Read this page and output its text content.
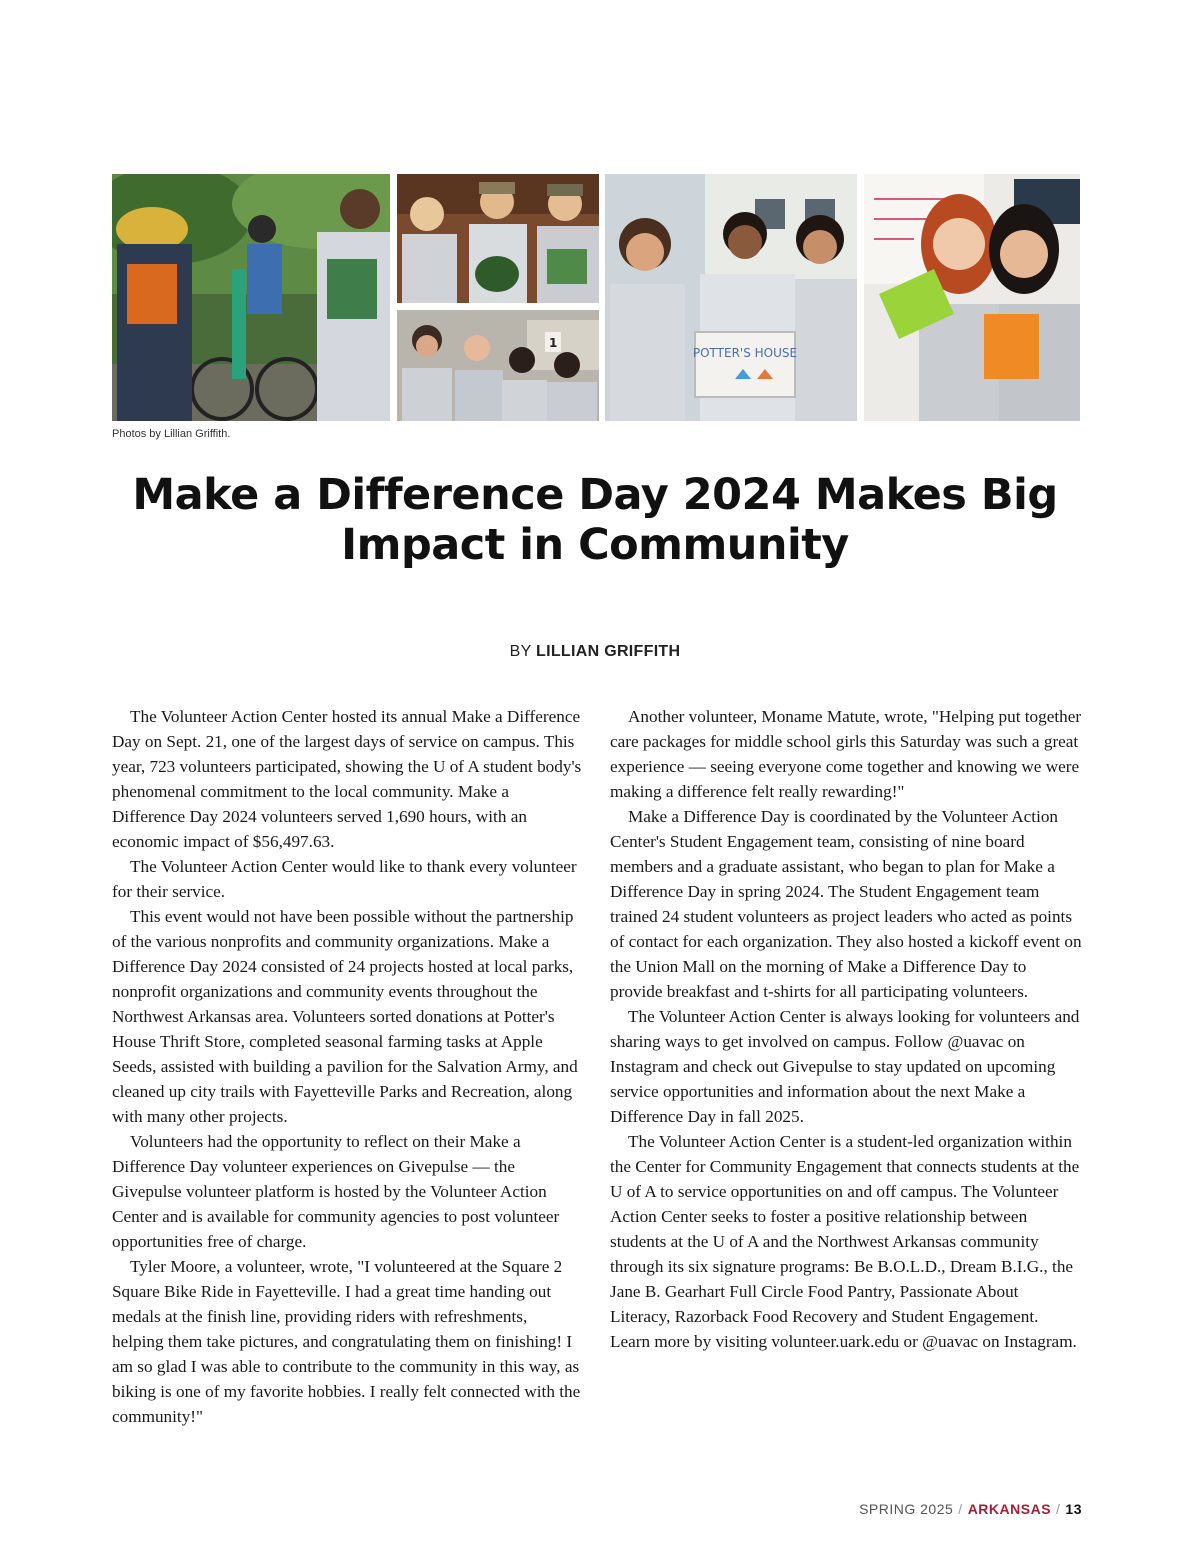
1
POTTER'S HOUSE
Photos by Lillian Griffith.
Make a Difference Day 2024 Makes Big Impact in Community
BY LILLIAN GRIFFITH

The Volunteer Action Center hosted its annual Make a Difference Day on Sept. 21, one of the largest days of service on campus. This year, 723 volunteers participated, showing the U of A student body's phenomenal commitment to the local community. Make a Difference Day 2024 volunteers served 1,690 hours, with an economic impact of $56,497.63.

The Volunteer Action Center would like to thank every volunteer for their service.

This event would not have been possible without the partnership of the various nonprofits and community organizations. Make a Difference Day 2024 consisted of 24 projects hosted at local parks, nonprofit organizations and community events throughout the Northwest Arkansas area. Volunteers sorted donations at Potter's House Thrift Store, completed seasonal farming tasks at Apple Seeds, assisted with building a pavilion for the Salvation Army, and cleaned up city trails with Fayetteville Parks and Recreation, along with many other projects.

Volunteers had the opportunity to reflect on their Make a Difference Day volunteer experiences on Givepulse — the Givepulse volunteer platform is hosted by the Volunteer Action Center and is available for community agencies to post volunteer opportunities free of charge.

Tyler Moore, a volunteer, wrote, "I volunteered at the Square 2 Square Bike Ride in Fayetteville. I had a great time handing out medals at the finish line, providing riders with refreshments, helping them take pictures, and congratulating them on finishing! I am so glad I was able to contribute to the community in this way, as biking is one of my favorite hobbies. I really felt connected with the community!"

Another volunteer, Moname Matute, wrote, "Helping put together care packages for middle school girls this Saturday was such a great experience — seeing everyone come together and knowing we were making a difference felt really rewarding!"

Make a Difference Day is coordinated by the Volunteer Action Center's Student Engagement team, consisting of nine board members and a graduate assistant, who began to plan for Make a Difference Day in spring 2024. The Student Engagement team trained 24 student volunteers as project leaders who acted as points of contact for each organization. They also hosted a kickoff event on the Union Mall on the morning of Make a Difference Day to provide breakfast and t-shirts for all participating volunteers.

The Volunteer Action Center is always looking for volunteers and sharing ways to get involved on campus. Follow @uavac on Instagram and check out Givepulse to stay updated on upcoming service opportunities and information about the next Make a Difference Day in fall 2025.

The Volunteer Action Center is a student-led organization within the Center for Community Engagement that connects students at the U of A to service opportunities on and off campus. The Volunteer Action Center seeks to foster a positive relationship between students at the U of A and the Northwest Arkansas community through its six signature programs: Be B.O.L.D., Dream B.I.G., the Jane B. Gearhart Full Circle Food Pantry, Passionate About Literacy, Razorback Food Recovery and Student Engagement. Learn more by visiting volunteer.uark.edu or @uavac on Instagram.

SPRING 2025 / ARKANSAS / 13
